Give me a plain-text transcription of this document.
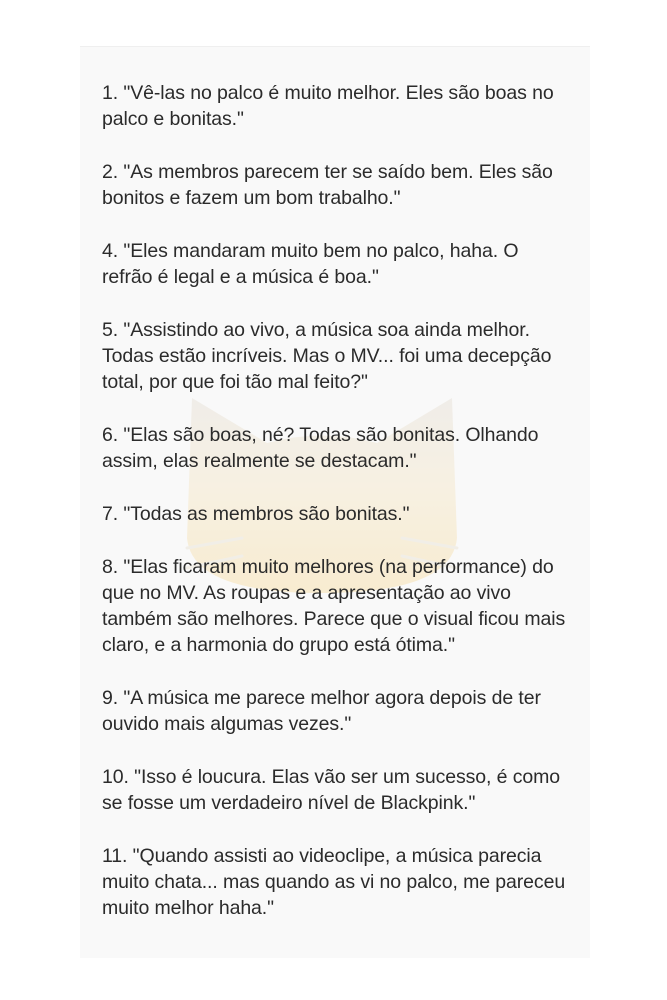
1. "Vê-las no palco é muito melhor. Eles são boas no palco e bonitas."
2. "As membros parecem ter se saído bem. Eles são bonitos e fazem um bom trabalho."
4. "Eles mandaram muito bem no palco, haha. O refrão é legal e a música é boa."
5. "Assistindo ao vivo, a música soa ainda melhor. Todas estão incríveis. Mas o MV... foi uma decepção total, por que foi tão mal feito?"
6. "Elas são boas, né? Todas são bonitas. Olhando assim, elas realmente se destacam."
7. "Todas as membros são bonitas."
8. "Elas ficaram muito melhores (na performance) do que no MV. As roupas e a apresentação ao vivo também são melhores. Parece que o visual ficou mais claro, e a harmonia do grupo está ótima."
9. "A música me parece melhor agora depois de ter ouvido mais algumas vezes."
10. "Isso é loucura. Elas vão ser um sucesso, é como se fosse um verdadeiro nível de Blackpink."
11. "Quando assisti ao videoclipe, a música parecia muito chata... mas quando as vi no palco, me pareceu muito melhor haha."
